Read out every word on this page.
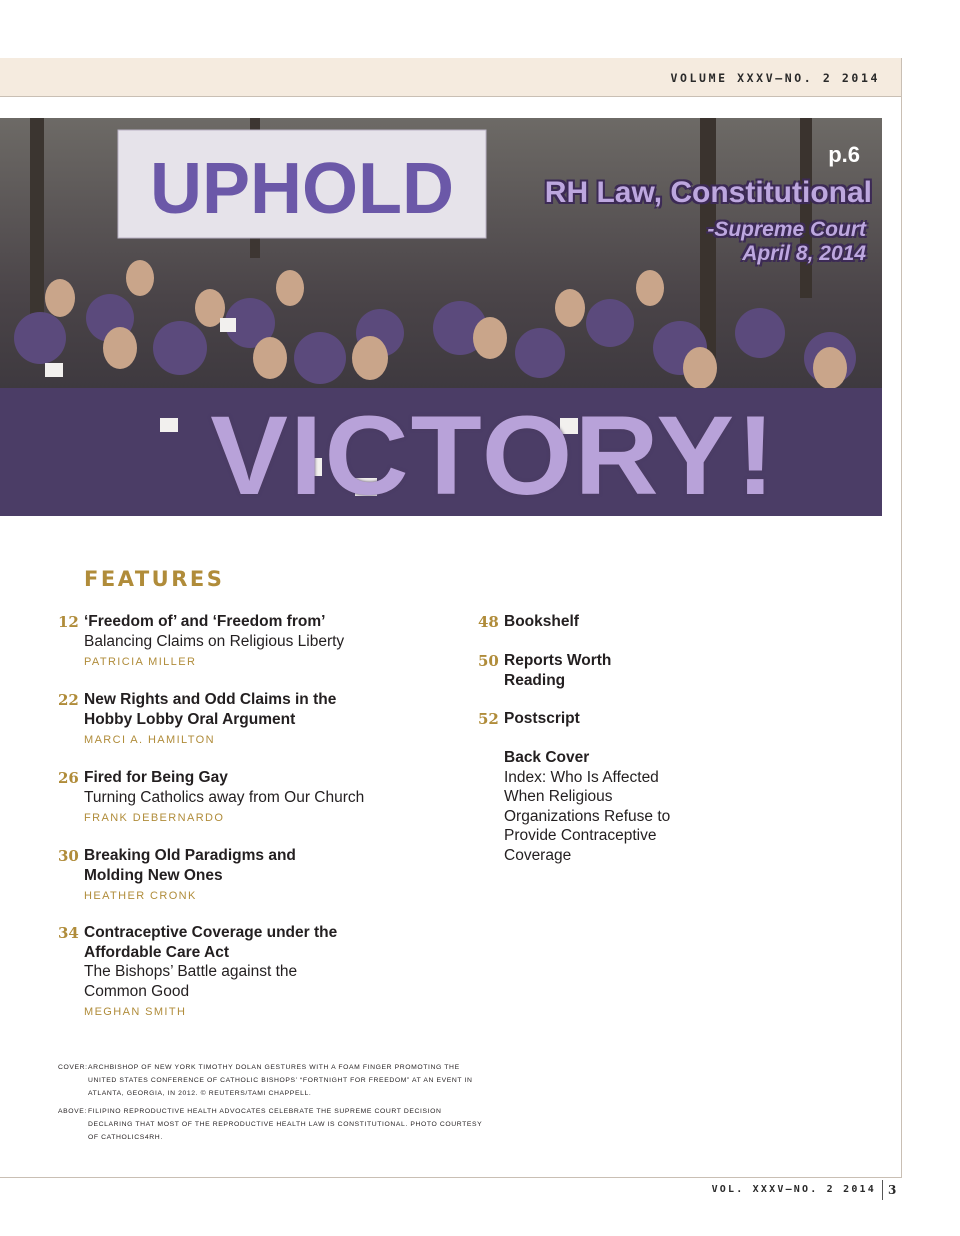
VOLUME XXXV—NO. 2 2014
UPHOLD	p.6
RH Law, Constitutional
-Supreme Court
April 8, 2014
VICTORY!
FEATURES
12 ‘Freedom of’ and ‘Freedom from’
Balancing Claims on Religious Liberty
PATRICIA MILLER
22 New Rights and Odd Claims in the Hobby Lobby Oral Argument
MARCI A. HAMILTON
26 Fired for Being Gay
Turning Catholics away from Our Church
FRANK DEBERNARDO
30 Breaking Old Paradigms and Molding New Ones
HEATHER CRONK
34 Contraceptive Coverage under the Affordable Care Act
The Bishops’ Battle against the Common Good
MEGHAN SMITH
48 Bookshelf
50 Reports Worth Reading
52 Postscript
Back Cover
Index: Who Is Affected When Religious Organizations Refuse to Provide Contraceptive Coverage
COVER: ARCHBISHOP OF NEW YORK TIMOTHY DOLAN GESTURES WITH A FOAM FINGER PROMOTING THE UNITED STATES CONFERENCE OF CATHOLIC BISHOPS’ “FORTNIGHT FOR FREEDOM” AT AN EVENT IN ATLANTA, GEORGIA, IN 2012. © REUTERS/TAMI CHAPPELL.
ABOVE: FILIPINO REPRODUCTIVE HEALTH ADVOCATES CELEBRATE THE SUPREME COURT DECISION DECLARING THAT MOST OF THE REPRODUCTIVE HEALTH LAW IS CONSTITUTIONAL. PHOTO COURTESY OF CATHOLICS4RH.
VOL. XXXV—NO. 2 2014 3
